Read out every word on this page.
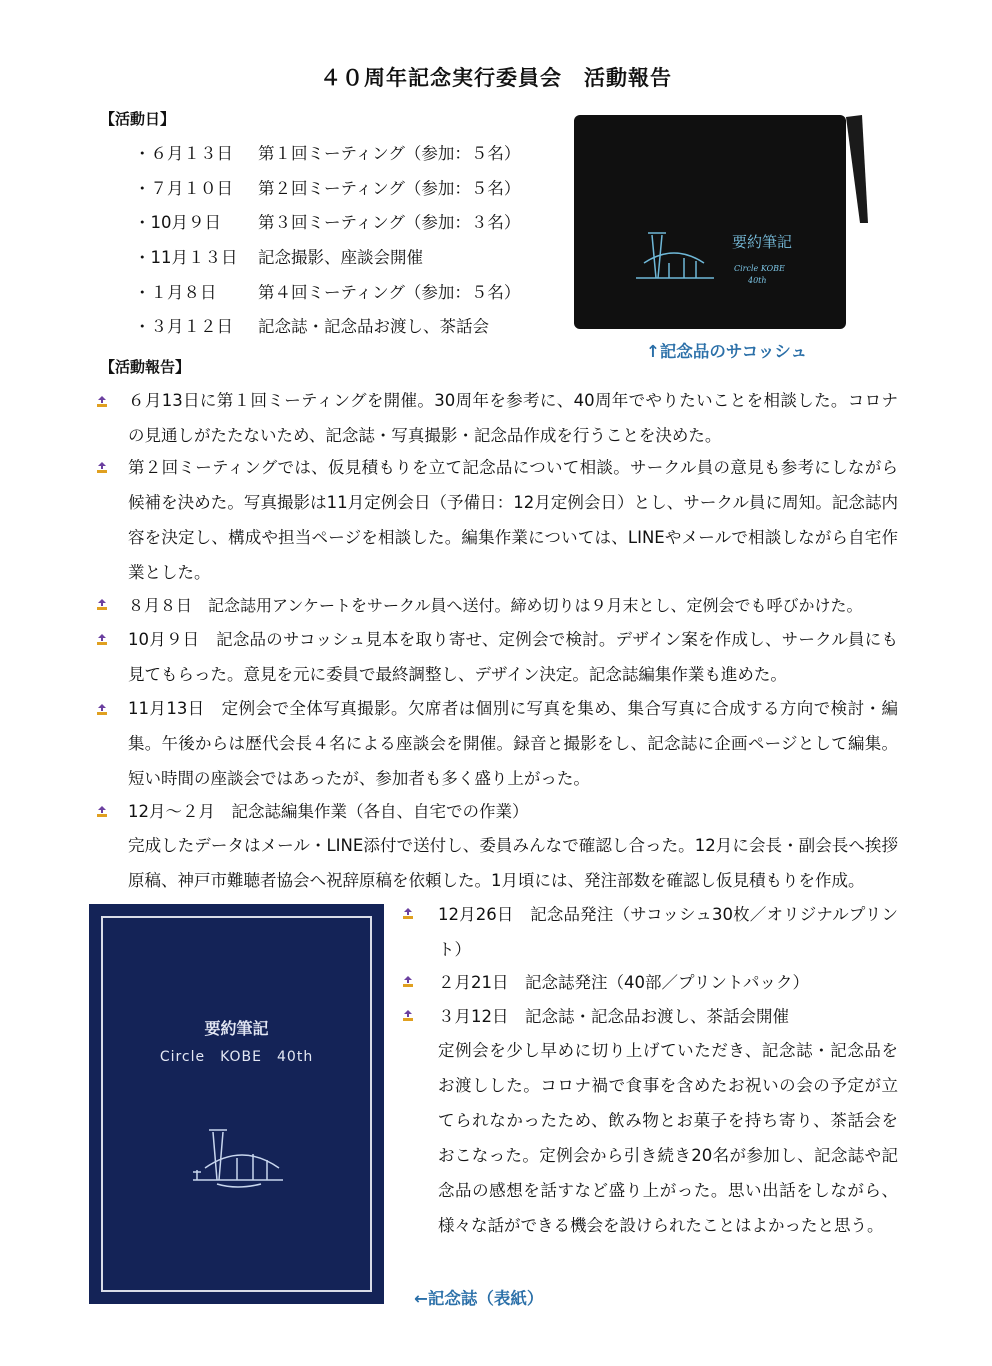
４０周年記念実行委員会　活動報告
【活動日】
・６月１３日 第１回ミーティング（参加：５名）
・７月１０日 第２回ミーティング（参加：５名）
・10月９日 第３回ミーティング（参加：３名）
・11月１３日 記念撮影、座談会開催
・１月８日	第４回ミーティング（参加：５名）
・３月１２日 記念誌・記念品お渡し、茶話会
要約筆記
Circle KOBE
40th
↑記念品のサコッシュ
【活動報告】
６月13日に第１回ミーティングを開催。30周年を参考に、40周年でやりたいことを相談した。コロナの見通しがたたないため、記念誌・写真撮影・記念品作成を行うことを決めた。
第２回ミーティングでは、仮見積もりを立て記念品について相談。サークル員の意見も参考にしながら候補を決めた。写真撮影は11月定例会日（予備日：12月定例会日）とし、サークル員に周知。記念誌内容を決定し、構成や担当ページを相談した。編集作業については、LINEやメールで相談しながら自宅作業とした。
８月８日　記念誌用アンケートをサークル員へ送付。締め切りは９月末とし、定例会でも呼びかけた。
10月９日　記念品のサコッシュ見本を取り寄せ、定例会で検討。デザイン案を作成し、サークル員にも見てもらった。意見を元に委員で最終調整し、デザイン決定。記念誌編集作業も進めた。
11月13日　定例会で全体写真撮影。欠席者は個別に写真を集め、集合写真に合成する方向で検討・編集。午後からは歴代会長４名による座談会を開催。録音と撮影をし、記念誌に企画ページとして編集。短い時間の座談会ではあったが、参加者も多く盛り上がった。
12月～２月　記念誌編集作業（各自、自宅での作業）
完成したデータはメール・LINE添付で送付し、委員みんなで確認し合った。12月に会長・副会長へ挨拶原稿、神戸市難聴者協会へ祝辞原稿を依頼した。1月頃には、発注部数を確認し仮見積もりを作成。
要約筆記
Circle　KOBE　40th
12月26日　記念品発注（サコッシュ30枚／オリジナルプリント）
２月21日　記念誌発注（40部／プリントパック）
３月12日　記念誌・記念品お渡し、茶話会開催
定例会を少し早めに切り上げていただき、記念誌・記念品をお渡しした。コロナ禍で食事を含めたお祝いの会の予定が立てられなかったため、飲み物とお菓子を持ち寄り、茶話会をおこなった。定例会から引き続き20名が参加し、記念誌や記念品の感想を話すなど盛り上がった。思い出話をしながら、様々な話ができる機会を設けられたことはよかったと思う。
←記念誌（表紙）
